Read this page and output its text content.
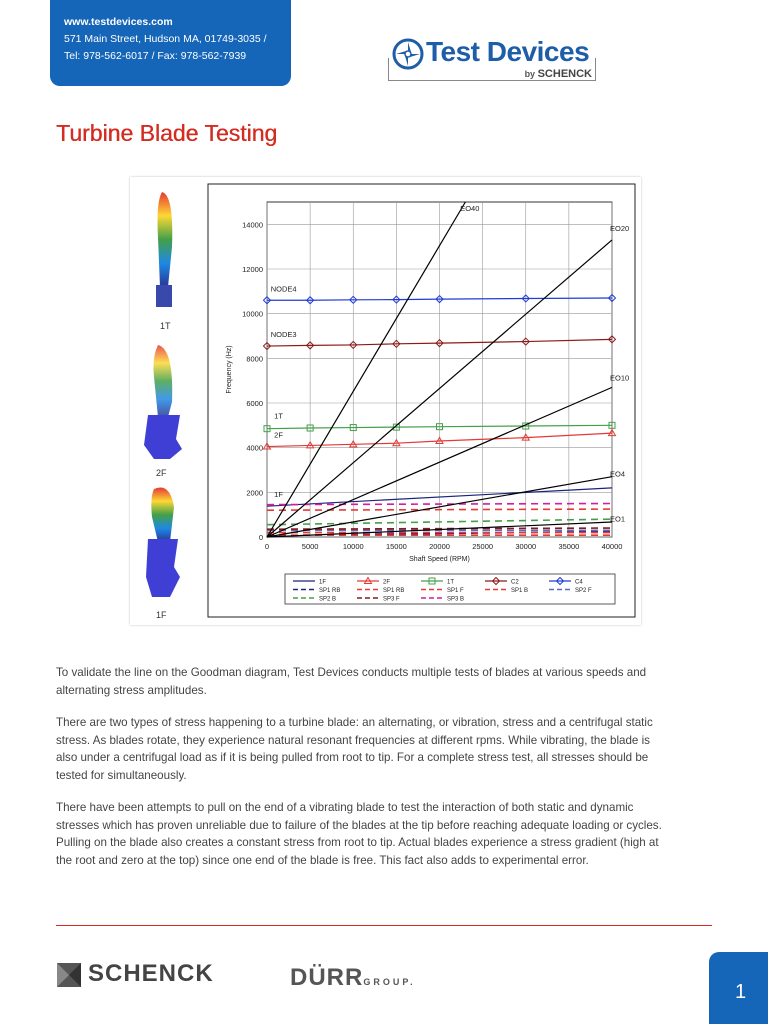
www.testdevices.com
571 Main Street, Hudson MA, 01749-3035 /
Tel: 978-562-6017 / Fax: 978-562-7939	Test Devices
by SCHENCK
Turbine Blade Testing
1T
2F
1F
0	5000	10000	15000	20000	25000	30000	35000	40000
0
2000
4000
6000
8000
10000
12000
14000
Shaft Speed (RPM)
Frequency (Hz)
NODE4
NODE3
1T
2F
1F
EO40
EO20
EO10
EO4
EO1
1F	2F	1T	C2	C4
SP1 RB	SP1 RB	SP1 F	SP1 B	SP2 F
SP2 B	SP3 F	SP3 B

To validate the line on the Goodman diagram, Test Devices conducts multiple tests of blades at various speeds and alternating stress amplitudes.

There are two types of stress happening to a turbine blade: an alternating, or vibration, stress and a centrifugal static stress. As blades rotate, they experience natural resonant frequencies at different rpms. While vibrating, the blade is also under a centrifugal load as if it is being pulled from root to tip. For a complete stress test, all stresses should be tested for simultaneously.

There have been attempts to pull on the end of a vibrating blade to test the interaction of both static and dynamic stresses which has proven unreliable due to failure of the blades at the tip before reaching adequate loading or cycles. Pulling on the blade also creates a constant stress from root to tip. Actual blades experience a stress gradient (high at the root and zero at the top) since one end of the blade is free. This fact also adds to experimental error.

SCHENCK	DÜRRGROUP.	1
